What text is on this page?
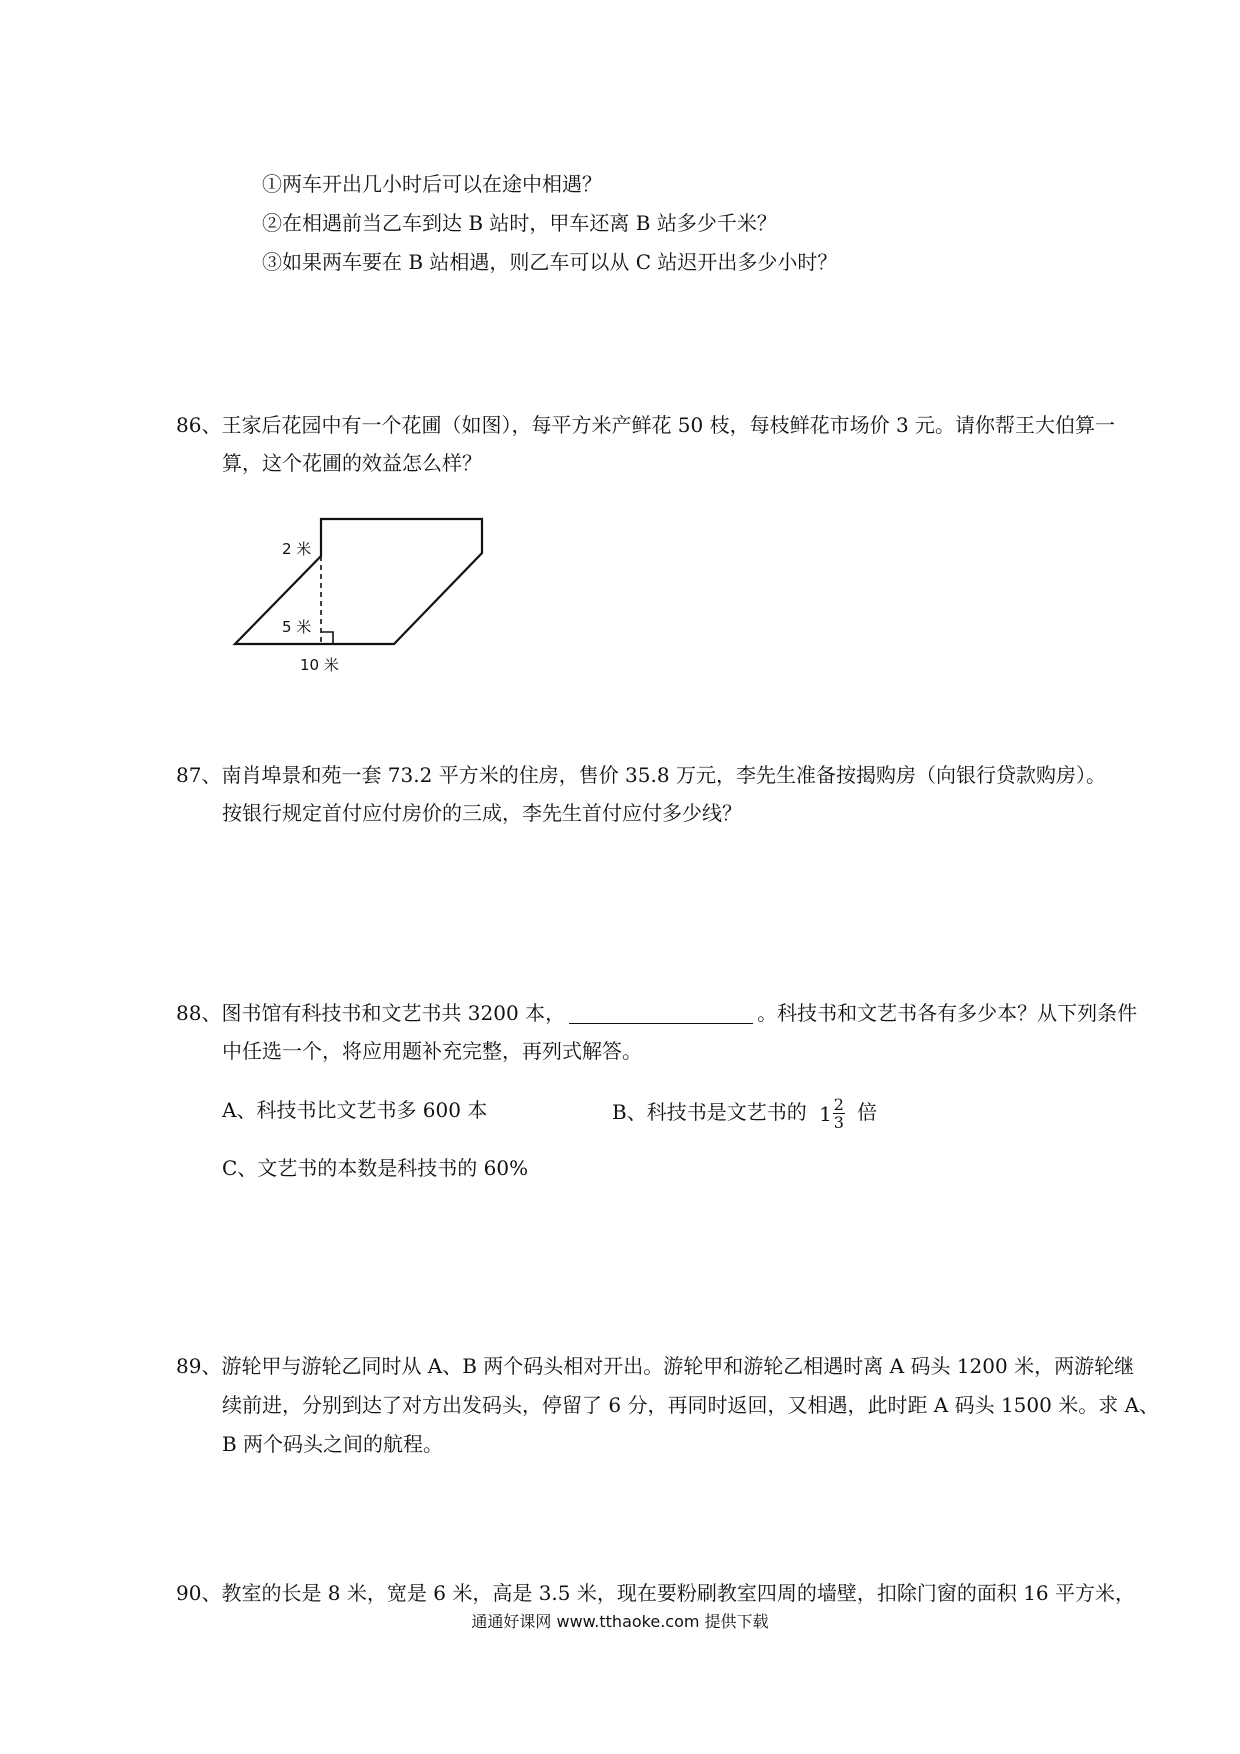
①两车开出几小时后可以在途中相遇？
②在相遇前当乙车到达 B 站时，甲车还离 B 站多少千米？
③如果两车要在 B 站相遇，则乙车可以从 C 站迟开出多少小时？
86、王家后花园中有一个花圃（如图），每平方米产鲜花 50 枝，每枝鲜花市场价 3 元。请你帮王大伯算一
算，这个花圃的效益怎么样？
2 米
5 米
10 米
87、南肖埠景和苑一套 73.2 平方米的住房，售价 35.8 万元，李先生准备按揭购房（向银行贷款购房）。
按银行规定首付应付房价的三成，李先生首付应付多少线？
88、图书馆有科技书和文艺书共 3200 本，	。科技书和文艺书各有多少本？从下列条件
中任选一个，将应用题补充完整，再列式解答。
A、科技书比文艺书多 600 本	B、科技书是文艺书的 1 2
3 倍
C、文艺书的本数是科技书的 60%
89、游轮甲与游轮乙同时从 A、B 两个码头相对开出。游轮甲和游轮乙相遇时离 A 码头 1200 米，两游轮继
续前进，分别到达了对方出发码头，停留了 6 分，再同时返回，又相遇，此时距 A 码头 1500 米。求 A、
B 两个码头之间的航程。
90、教室的长是 8 米，宽是 6 米，高是 3.5 米，现在要粉刷教室四周的墙壁，扣除门窗的面积 16 平方米，
通通好课网 www.tthaoke.com 提供下载
